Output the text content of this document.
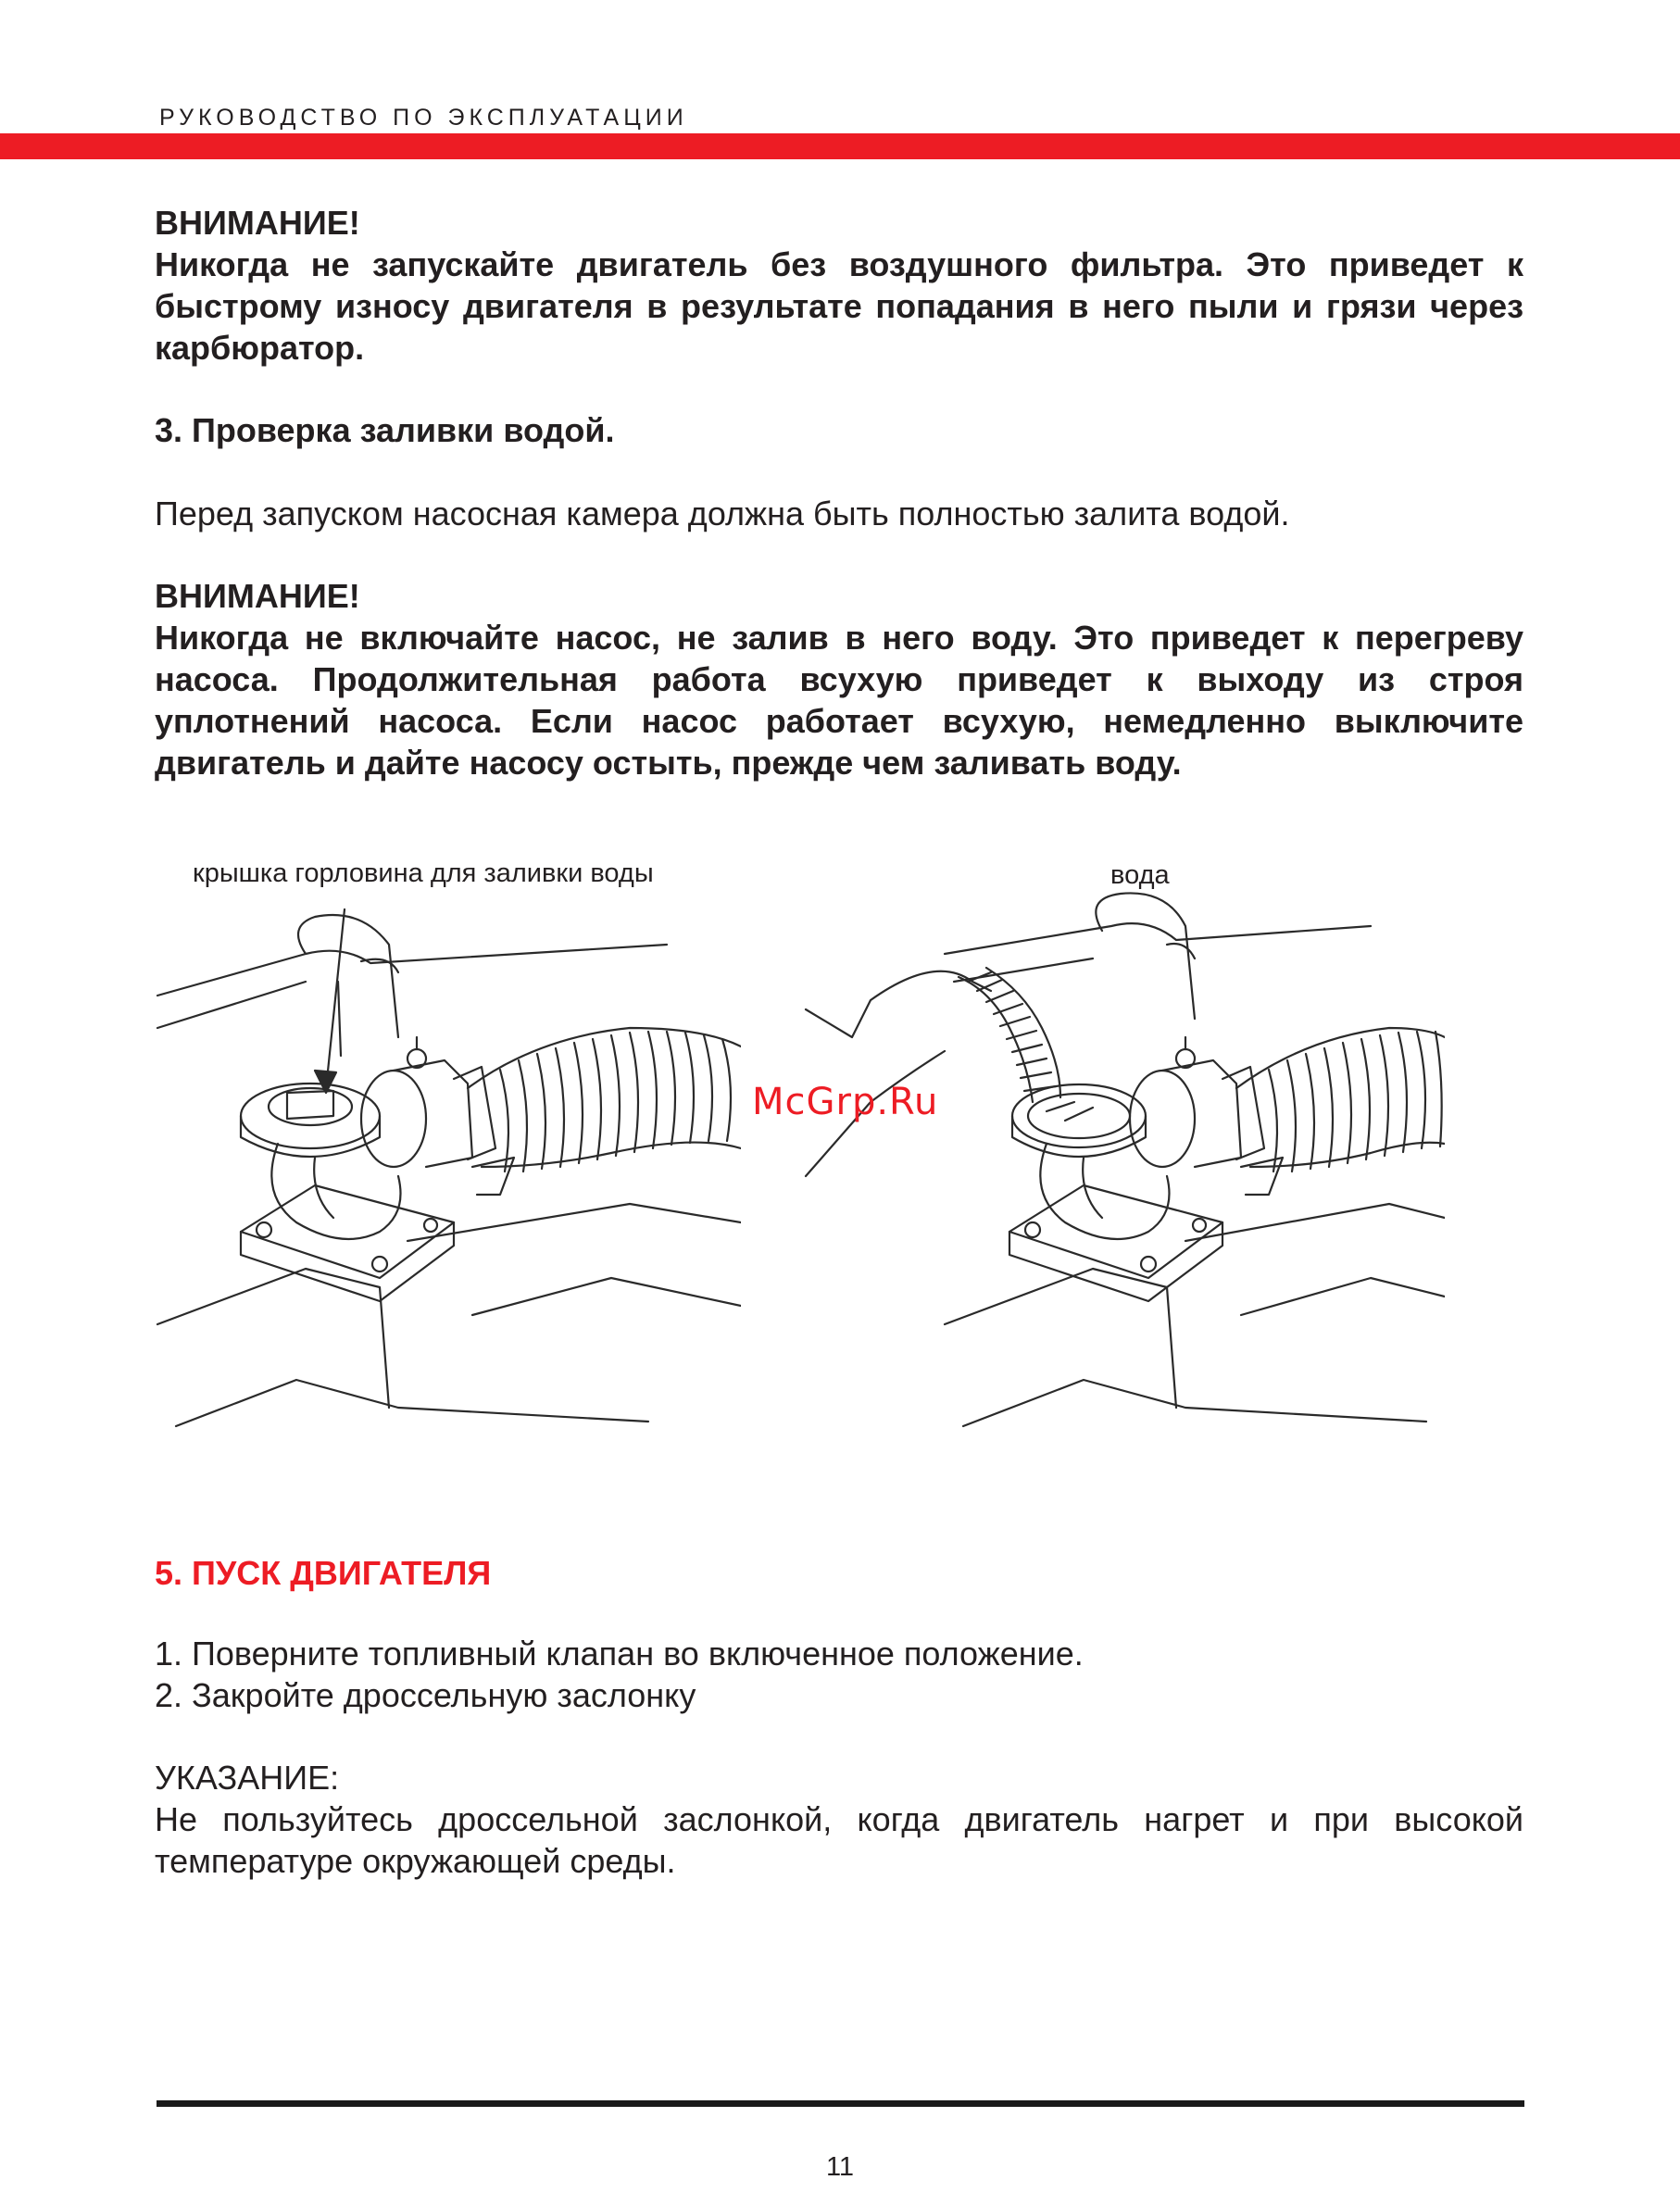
РУКОВОДСТВО ПО ЭКСПЛУАТАЦИИ

ВНИМАНИЕ!

Никогда не запускайте двигатель без воздушного фильтра. Это приведет к быстрому износу двигателя в результате попадания в него пыли и грязи через карбюратор.

3. Проверка заливки водой.

Перед запуском насосная камера должна быть полностью залита водой.

ВНИМАНИЕ!

Никогда не включайте насос, не залив в него воду. Это приведет к перегреву насоса. Продолжительная работа всухую приведет к выходу из строя уплотнений насоса. Если насос работает всухую, немедленно выключите двигатель и дайте насосу остыть, прежде чем заливать воду.

крышка горловина для заливки воды	вода
McGrp.Ru

5. ПУСК ДВИГАТЕЛЯ

1. Поверните топливный клапан во включенное положение.

2. Закройте дроссельную заслонку

УКАЗАНИЕ:

Не пользуйтесь дроссельной заслонкой, когда двигатель нагрет и при высокой температуре окружающей среды.

11
